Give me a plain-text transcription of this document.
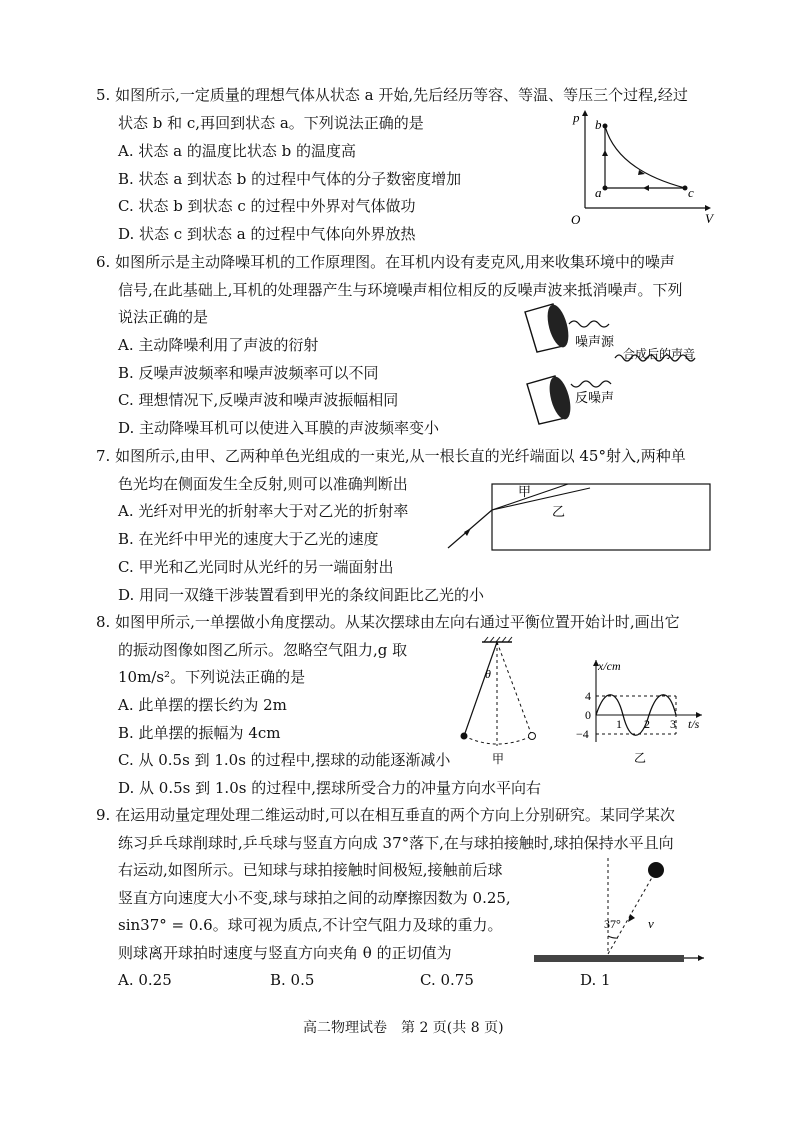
5. 如图所示,一定质量的理想气体从状态 a 开始,先后经历等容、等温、等压三个过程,经过
状态 b 和 c,再回到状态 a。下列说法正确的是
A. 状态 a 的温度比状态 b 的温度高
B. 状态 a 到状态 b 的过程中气体的分子数密度增加
C. 状态 b 到状态 c 的过程中外界对气体做功
D. 状态 c 到状态 a 的过程中气体向外界放热
p
V
O
b
a	c
6. 如图所示是主动降噪耳机的工作原理图。在耳机内设有麦克风,用来收集环境中的噪声
信号,在此基础上,耳机的处理器产生与环境噪声相位相反的反噪声波来抵消噪声。下列
说法正确的是
A. 主动降噪利用了声波的衍射
B. 反噪声波频率和噪声波频率可以不同
C. 理想情况下,反噪声波和噪声波振幅相同
D. 主动降噪耳机可以使进入耳膜的声波频率变小
噪声源
合成后的声音
反噪声
7. 如图所示,由甲、乙两种单色光组成的一束光,从一根长直的光纤端面以 45°射入,两种单
色光均在侧面发生全反射,则可以准确判断出
A. 光纤对甲光的折射率大于对乙光的折射率
B. 在光纤中甲光的速度大于乙光的速度
C. 甲光和乙光同时从光纤的另一端面射出
D. 用同一双缝干涉装置看到甲光的条纹间距比乙光的小
甲
乙
8. 如图甲所示,一单摆做小角度摆动。从某次摆球由左向右通过平衡位置开始计时,画出它
的振动图像如图乙所示。忽略空气阻力,g 取
10m/s²。下列说法正确的是
A. 此单摆的摆长约为 2m
B. 此单摆的振幅为 4cm
C. 从 0.5s 到 1.0s 的过程中,摆球的动能逐渐减小
D. 从 0.5s 到 1.0s 的过程中,摆球所受合力的冲量方向水平向右
θ
甲
x/cm
4
0
−4
1 2 3 t/s
乙
9. 在运用动量定理处理二维运动时,可以在相互垂直的两个方向上分别研究。某同学某次
练习乒乓球削球时,乒乓球与竖直方向成 37°落下,在与球拍接触时,球拍保持水平且向
右运动,如图所示。已知球与球拍接触时间极短,接触前后球
竖直方向速度大小不变,球与球拍之间的动摩擦因数为 0.25,
sin37° = 0.6。球可视为质点,不计空气阻力及球的重力。
则球离开球拍时速度与竖直方向夹角 θ 的正切值为
A. 0.25	B. 0.5	C. 0.75	D. 1
37° v
高二物理试卷　第 2 页(共 8 页)
